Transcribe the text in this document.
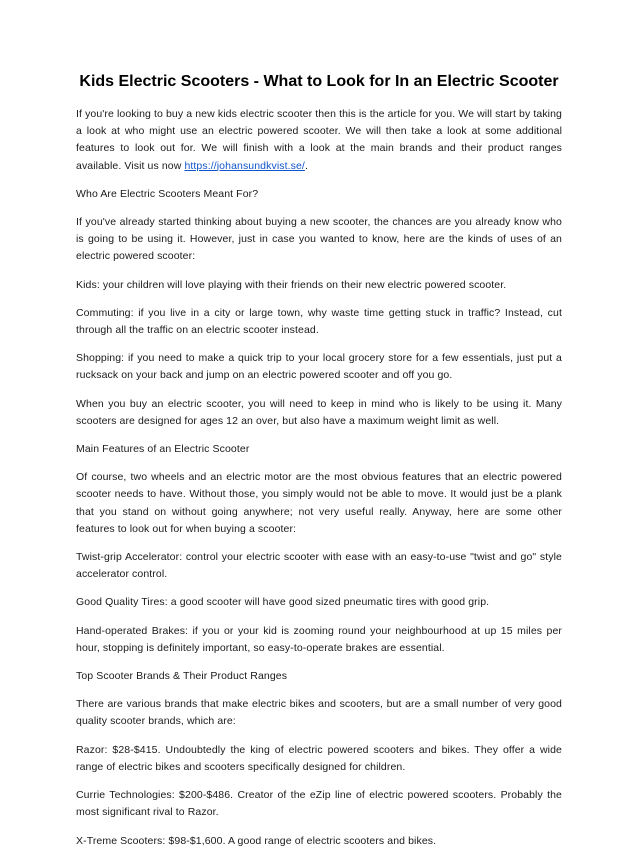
Kids Electric Scooters - What to Look for In an Electric Scooter

If you're looking to buy a new kids electric scooter then this is the article for you. We will start by taking a look at who might use an electric powered scooter. We will then take a look at some additional features to look out for. We will finish with a look at the main brands and their product ranges available. Visit us now https://johansundkvist.se/.

Who Are Electric Scooters Meant For?

If you've already started thinking about buying a new scooter, the chances are you already know who is going to be using it. However, just in case you wanted to know, here are the kinds of uses of an electric powered scooter:

Kids: your children will love playing with their friends on their new electric powered scooter.

Commuting: if you live in a city or large town, why waste time getting stuck in traffic? Instead, cut through all the traffic on an electric scooter instead.

Shopping: if you need to make a quick trip to your local grocery store for a few essentials, just put a rucksack on your back and jump on an electric powered scooter and off you go.

When you buy an electric scooter, you will need to keep in mind who is likely to be using it. Many scooters are designed for ages 12 an over, but also have a maximum weight limit as well.

Main Features of an Electric Scooter

Of course, two wheels and an electric motor are the most obvious features that an electric powered scooter needs to have. Without those, you simply would not be able to move. It would just be a plank that you stand on without going anywhere; not very useful really. Anyway, here are some other features to look out for when buying a scooter:

Twist-grip Accelerator: control your electric scooter with ease with an easy-to-use "twist and go" style accelerator control.

Good Quality Tires: a good scooter will have good sized pneumatic tires with good grip.

Hand-operated Brakes: if you or your kid is zooming round your neighbourhood at up 15 miles per hour, stopping is definitely important, so easy-to-operate brakes are essential.

Top Scooter Brands & Their Product Ranges

There are various brands that make electric bikes and scooters, but are a small number of very good quality scooter brands, which are:

Razor: $28-$415. Undoubtedly the king of electric powered scooters and bikes. They offer a wide range of electric bikes and scooters specifically designed for children.

Currie Technologies: $200-$486. Creator of the eZip line of electric powered scooters. Probably the most significant rival to Razor.

X-Treme Scooters: $98-$1,600. A good range of electric scooters and bikes.
